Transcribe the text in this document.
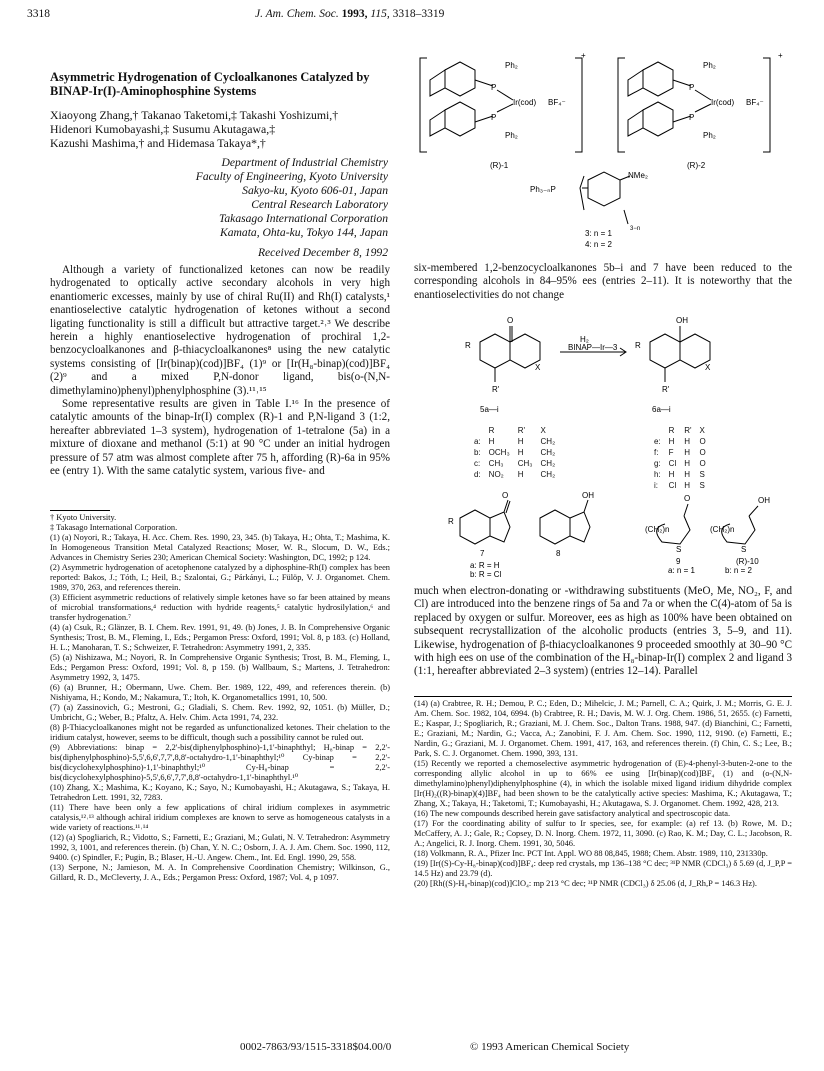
3318	J. Am. Chem. Soc. 1993, 115, 3318–3319
Asymmetric Hydrogenation of Cycloalkanones Catalyzed by BINAP-Ir(I)-Aminophosphine Systems
Xiaoyong Zhang,† Takanao Taketomi,‡ Takashi Yoshizumi,†
Hidenori Kumobayashi,‡ Susumu Akutagawa,‡
Kazushi Mashima,† and Hidemasa Takaya*,†
Department of Industrial Chemistry
Faculty of Engineering, Kyoto University
Sakyo-ku, Kyoto 606-01, Japan
Central Research Laboratory
Takasago International Corporation
Kamata, Ohta-ku, Tokyo 144, Japan
Received December 8, 1992

Although a variety of functionalized ketones can now be readily hydrogenated to optically active secondary alcohols in very high enantiomeric excesses, mainly by use of chiral Ru(II) and Rh(I) catalysts,¹ enantioselective catalytic hydrogenation of ketones without a second ligating functionality is still a difficult but attractive target.²˒³ We describe herein a highly enantioselective hydrogenation of prochiral 1,2-benzocycloalkanones and β-thiacycloalkanones⁸ using the new catalytic systems consisting of [Ir(binap)(cod)]BF₄ (1)⁹ or [Ir(H₈-binap)(cod)]BF₄ (2)⁹ and a mixed P,N-donor ligand, bis(o-(N,N-dimethylamino)phenyl)phenylphosphine (3).¹¹˒¹⁵

Some representative results are given in Table I.¹⁶ In the presence of catalytic amounts of the binap-Ir(I) complex (R)-1 and P,N-ligand 3 (1:2, hereafter abbreviated 1–3 system), hydrogenation of 1-tetralone (5a) in a mixture of dioxane and methanol (5:1) at 90 °C under an initial hydrogen pressure of 57 atm was almost complete after 75 h, affording (R)-6a in 95% ee (entry 1). With the same catalytic system, various five- and

† Kyoto University.

‡ Takasago International Corporation.

(1) (a) Noyori, R.; Takaya, H. Acc. Chem. Res. 1990, 23, 345. (b) Takaya, H.; Ohta, T.; Mashima, K. In Homogeneous Transition Metal Catalyzed Reactions; Moser, W. R., Slocum, D. W., Eds.; Advances in Chemistry Series 230; American Chemical Society: Washington, DC, 1992; p 124.

(2) Asymmetric hydrogenation of acetophenone catalyzed by a diphosphine-Rh(I) complex has been reported: Bakos, J.; Tóth, I.; Heil, B.; Szalontai, G.; Párkányi, L.; Fülöp, V. J. Organomet. Chem. 1989, 370, 263, and references therein.

(3) Efficient asymmetric reductions of relatively simple ketones have so far been attained by means of microbial transformations,⁴ reduction with hydride reagents,⁵ catalytic hydrosilylation,⁶ and transfer hydrogenation.⁷

(4) (a) Csuk, R.; Glänzer, B. I. Chem. Rev. 1991, 91, 49. (b) Jones, J. B. In Comprehensive Organic Synthesis; Trost, B. M., Fleming, I., Eds.; Pergamon Press: Oxford, 1991; Vol. 8, p 183. (c) Holland, H. L.; Manoharan, T. S.; Schweizer, F. Tetrahedron: Asymmetry 1991, 2, 335.

(5) (a) Nishizawa, M.; Noyori, R. In Comprehensive Organic Synthesis; Trost, B. M., Fleming, I., Eds.; Pergamon Press: Oxford, 1991; Vol. 8, p 159. (b) Wallbaum, S.; Martens, J. Tetrahedron: Asymmetry 1992, 3, 1475.

(6) (a) Brunner, H.; Obermann, Uwe. Chem. Ber. 1989, 122, 499, and references therein. (b) Nishiyama, H.; Kondo, M.; Nakamura, T.; Itoh, K. Organometallics 1991, 10, 500.

(7) (a) Zassinovich, G.; Mestroni, G.; Gladiali, S. Chem. Rev. 1992, 92, 1051. (b) Müller, D.; Umbricht, G.; Weber, B.; Pfaltz, A. Helv. Chim. Acta 1991, 74, 232.

(8) β-Thiacycloalkanones might not be regarded as unfunctionalized ketones. Their chelation to the iridium catalyst, however, seems to be difficult, though such a possibility cannot be ruled out.

(9) Abbreviations: binap = 2,2'-bis(diphenylphosphino)-1,1'-binaphthyl; H₈-binap = 2,2'-bis(diphenylphosphino)-5,5',6,6',7,7',8,8'-octahydro-1,1'-binaphthyl;¹⁰ Cy-binap = 2,2'-bis(dicyclohexylphosphino)-1,1'-binaphthyl;¹⁰ Cy-H₈-binap = 2,2'-bis(dicyclohexylphosphino)-5,5',6,6',7,7',8,8'-octahydro-1,1'-binaphthyl.¹⁰

(10) Zhang, X.; Mashima, K.; Koyano, K.; Sayo, N.; Kumobayashi, H.; Akutagawa, S.; Takaya, H. Tetrahedron Lett. 1991, 32, 7283.

(11) There have been only a few applications of chiral iridium complexes in asymmetric catalysis,¹²˒¹³ although achiral iridium complexes are known to serve as homogeneous catalysts in a wide variety of reactions.¹¹˒¹⁴

(12) (a) Spogliarich, R.; Vidotto, S.; Farnetti, E.; Graziani, M.; Gulati, N. V. Tetrahedron: Asymmetry 1992, 3, 1001, and references therein. (b) Chan, Y. N. C.; Osborn, J. A. J. Am. Chem. Soc. 1990, 112, 9400. (c) Spindler, F.; Pugin, B.; Blaser, H.-U. Angew. Chem., Int. Ed. Engl. 1990, 29, 558.

(13) Serpone, N.; Jamieson, M. A. In Comprehensive Coordination Chemistry; Wilkinson, G., Gillard, R. D., McCleverty, J. A., Eds.; Pergamon Press: Oxford, 1987; Vol. 4, p 1097.

Ph₂
P
P
Ph₂
Ir(cod) BF₄⁻
+
(R)-1
Ph₂
P
P
Ph₂
Ir(cod) BF₄⁻
+
(R)-2
Ph₃₋ₙP
NMe₂
3−n
3: n = 1
4: n = 2

six-membered 1,2-benzocycloalkanones 5b–i and 7 have been reduced to the corresponding alcohols in 84–95% ees (entries 2–11). It is noteworthy that the enantioselectivities do not change

O
R
R'
X
H₂
BINAP—Ir—3
OH
R
R'
X
5a—i	6a—i
	R	R'	X
a:	H	H	CH₂
b:	OCH₃	H	CH₂
c:	CH₃	CH₃	CH₂
d:	NO₂	H	CH₂
	R	R'	X
e:	H	H	O
f:	F	H	O
g:	Cl	H	O
h:	H	H	S
i:	Cl	H	S
O
R
OH	O
(CH₂)n
S
OH
(CH₂)n
S
7	8
9	(R)-10
a: R = H
b: R = Cl	a: n = 1	b: n = 2

much when electron-donating or -withdrawing substituents (MeO, Me, NO₂, F, and Cl) are introduced into the benzene rings of 5a and 7a or when the C(4)-atom of 5a is replaced by oxygen or sulfur. Moreover, ees as high as 100% have been obtained on subsequent recrystallization of the alcoholic products (entries 3, 5–9, and 11). Likewise, hydrogenation of β-thiacycloalkanones 9 proceeded smoothly at 30–90 °C with high ees on use of the combination of the H₈-binap-Ir(I) complex 2 and ligand 3 (1:1, hereafter abbreviated 2–3 system) (entries 12–14). Parallel

(14) (a) Crabtree, R. H.; Demou, P. C.; Eden, D.; Mihelcic, J. M.; Parnell, C. A.; Quirk, J. M.; Morris, G. E. J. Am. Chem. Soc. 1982, 104, 6994. (b) Crabtree, R. H.; Davis, M. W. J. Org. Chem. 1986, 51, 2655. (c) Farnetti, E.; Kaspar, J.; Spogliarich, R.; Graziani, M. J. Chem. Soc., Dalton Trans. 1988, 947. (d) Bianchini, C.; Farnetti, E.; Graziani, M.; Nardin, G.; Vacca, A.; Zanobini, F. J. Am. Chem. Soc. 1990, 112, 9190. (e) Farnetti, E.; Nardin, G.; Graziani, M. J. Organomet. Chem. 1991, 417, 163, and references therein. (f) Chin, C. S.; Lee, B.; Park, S. C. J. Organomet. Chem. 1990, 393, 131.

(15) Recently we reported a chemoselective asymmetric hydrogenation of (E)-4-phenyl-3-buten-2-one to the corresponding allylic alcohol in up to 66% ee using [Ir(binap)(cod)]BF₄ (1) and (o-(N,N-dimethylamino)phenyl)diphenylphosphine (4), in which the isolable mixed ligand iridium dihydride complex [Ir(H)₂((R)-binap)(4)]BF₄ had been shown to be the catalytically active species: Mashima, K.; Akutagawa, T.; Zhang, X.; Takaya, H.; Taketomi, T.; Kumobayashi, H.; Akutagawa, S. J. Organomet. Chem. 1992, 428, 213.

(16) The new compounds described herein gave satisfactory analytical and spectroscopic data.

(17) For the coordinating ability of sulfur to Ir species, see, for example: (a) ref 13. (b) Rowe, M. D.; McCaffery, A. J.; Gale, R.; Copsey, D. N. Inorg. Chem. 1972, 11, 3090. (c) Rao, K. M.; Day, C. L.; Jacobson, R. A.; Angelici, R. J. Inorg. Chem. 1991, 30, 5046.

(18) Volkmann, R. A., Pfizer Inc. PCT Int. Appl. WO 88 08,845, 1988; Chem. Abstr. 1989, 110, 231330p.

(19) [Ir((S)-Cy-H₈-binap)(cod)]BF₄: deep red crystals, mp 136–138 °C dec; ³¹P NMR (CDCl₃) δ 5.69 (d, J_P,P = 14.5 Hz) and 23.79 (d).

(20) [Rh((S)-H₈-binap)(cod)]ClO₄: mp 213 °C dec; ³¹P NMR (CDCl₃) δ 25.06 (d, J_Rh,P = 146.3 Hz).

0002-7863/93/1515-3318$04.00/0	© 1993 American Chemical Society
